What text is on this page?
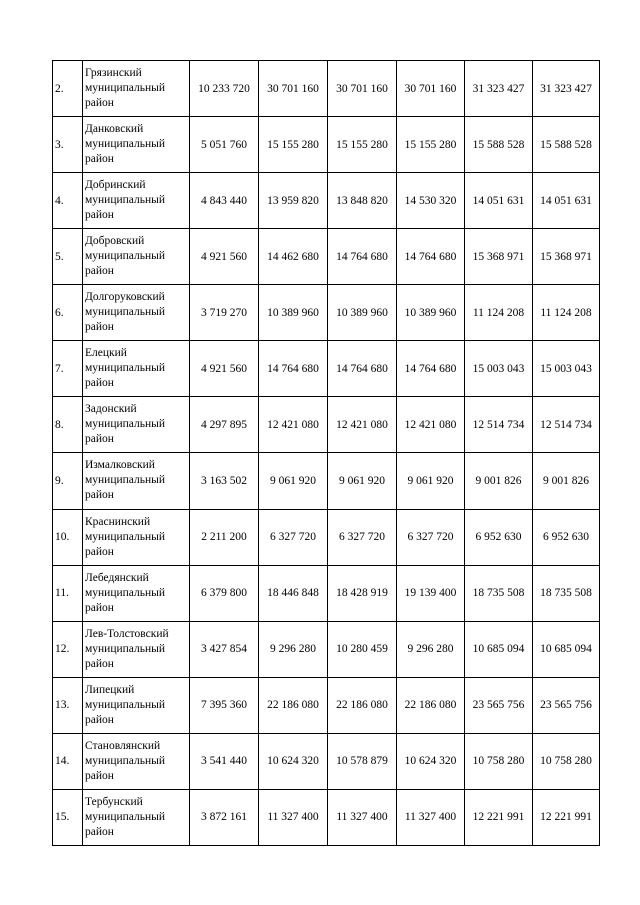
2.	Грязинский
муниципальный
район	10 233 720	30 701 160	30 701 160	30 701 160	31 323 427	31 323 427
3.	Данковский
муниципальный
район	5 051 760	15 155 280	15 155 280	15 155 280	15 588 528	15 588 528
4.	Добринский
муниципальный
район	4 843 440	13 959 820	13 848 820	14 530 320	14 051 631	14 051 631
5.	Добровский
муниципальный
район	4 921 560	14 462 680	14 764 680	14 764 680	15 368 971	15 368 971
6.	Долгоруковский
муниципальный
район	3 719 270	10 389 960	10 389 960	10 389 960	11 124 208	11 124 208
7.	Елецкий
муниципальный
район	4 921 560	14 764 680	14 764 680	14 764 680	15 003 043	15 003 043
8.	Задонский
муниципальный
район	4 297 895	12 421 080	12 421 080	12 421 080	12 514 734	12 514 734
9.	Измалковский
муниципальный
район	3 163 502	9 061 920	9 061 920	9 061 920	9 001 826	9 001 826
10.	Краснинский
муниципальный
район	2 211 200	6 327 720	6 327 720	6 327 720	6 952 630	6 952 630
11.	Лебедянский
муниципальный
район	6 379 800	18 446 848	18 428 919	19 139 400	18 735 508	18 735 508
12.	Лев-Толстовский
муниципальный
район	3 427 854	9 296 280	10 280 459	9 296 280	10 685 094	10 685 094
13.	Липецкий
муниципальный
район	7 395 360	22 186 080	22 186 080	22 186 080	23 565 756	23 565 756
14.	Становлянский
муниципальный
район	3 541 440	10 624 320	10 578 879	10 624 320	10 758 280	10 758 280
15.	Тербунский
муниципальный
район	3 872 161	11 327 400	11 327 400	11 327 400	12 221 991	12 221 991
